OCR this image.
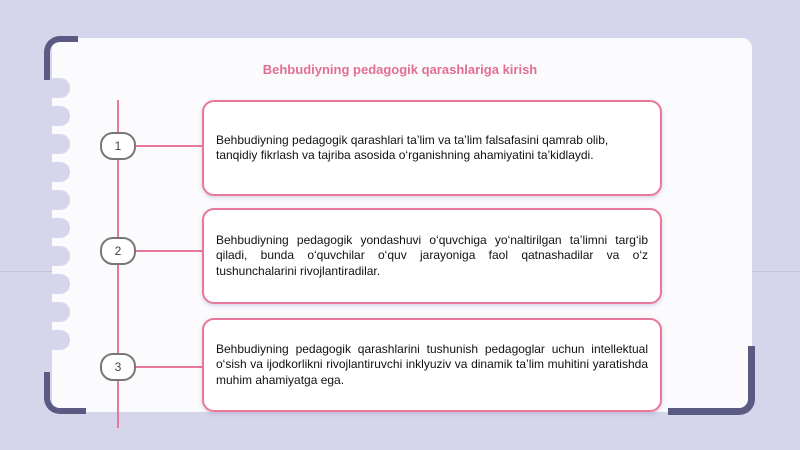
Behbudiyning pedagogik qarashlariga kirish
1
2
3
Behbudiyning pedagogik qarashlari ta’lim va ta’lim falsafasini qamrab olib, tanqidiy fikrlash va tajriba asosida o‘rganishning ahamiyatini ta’kidlaydi.
Behbudiyning pedagogik yondashuvi o‘quvchiga yo‘naltirilgan ta’limni targ‘ib qiladi, bunda o‘quvchilar o‘quv jarayoniga faol qatnashadilar va o‘z tushunchalarini rivojlantiradilar.
Behbudiyning pedagogik qarashlarini tushunish pedagoglar uchun intellektual o‘sish va ijodkorlikni rivojlantiruvchi inklyuziv va dinamik ta’lim muhitini yaratishda muhim ahamiyatga ega.
